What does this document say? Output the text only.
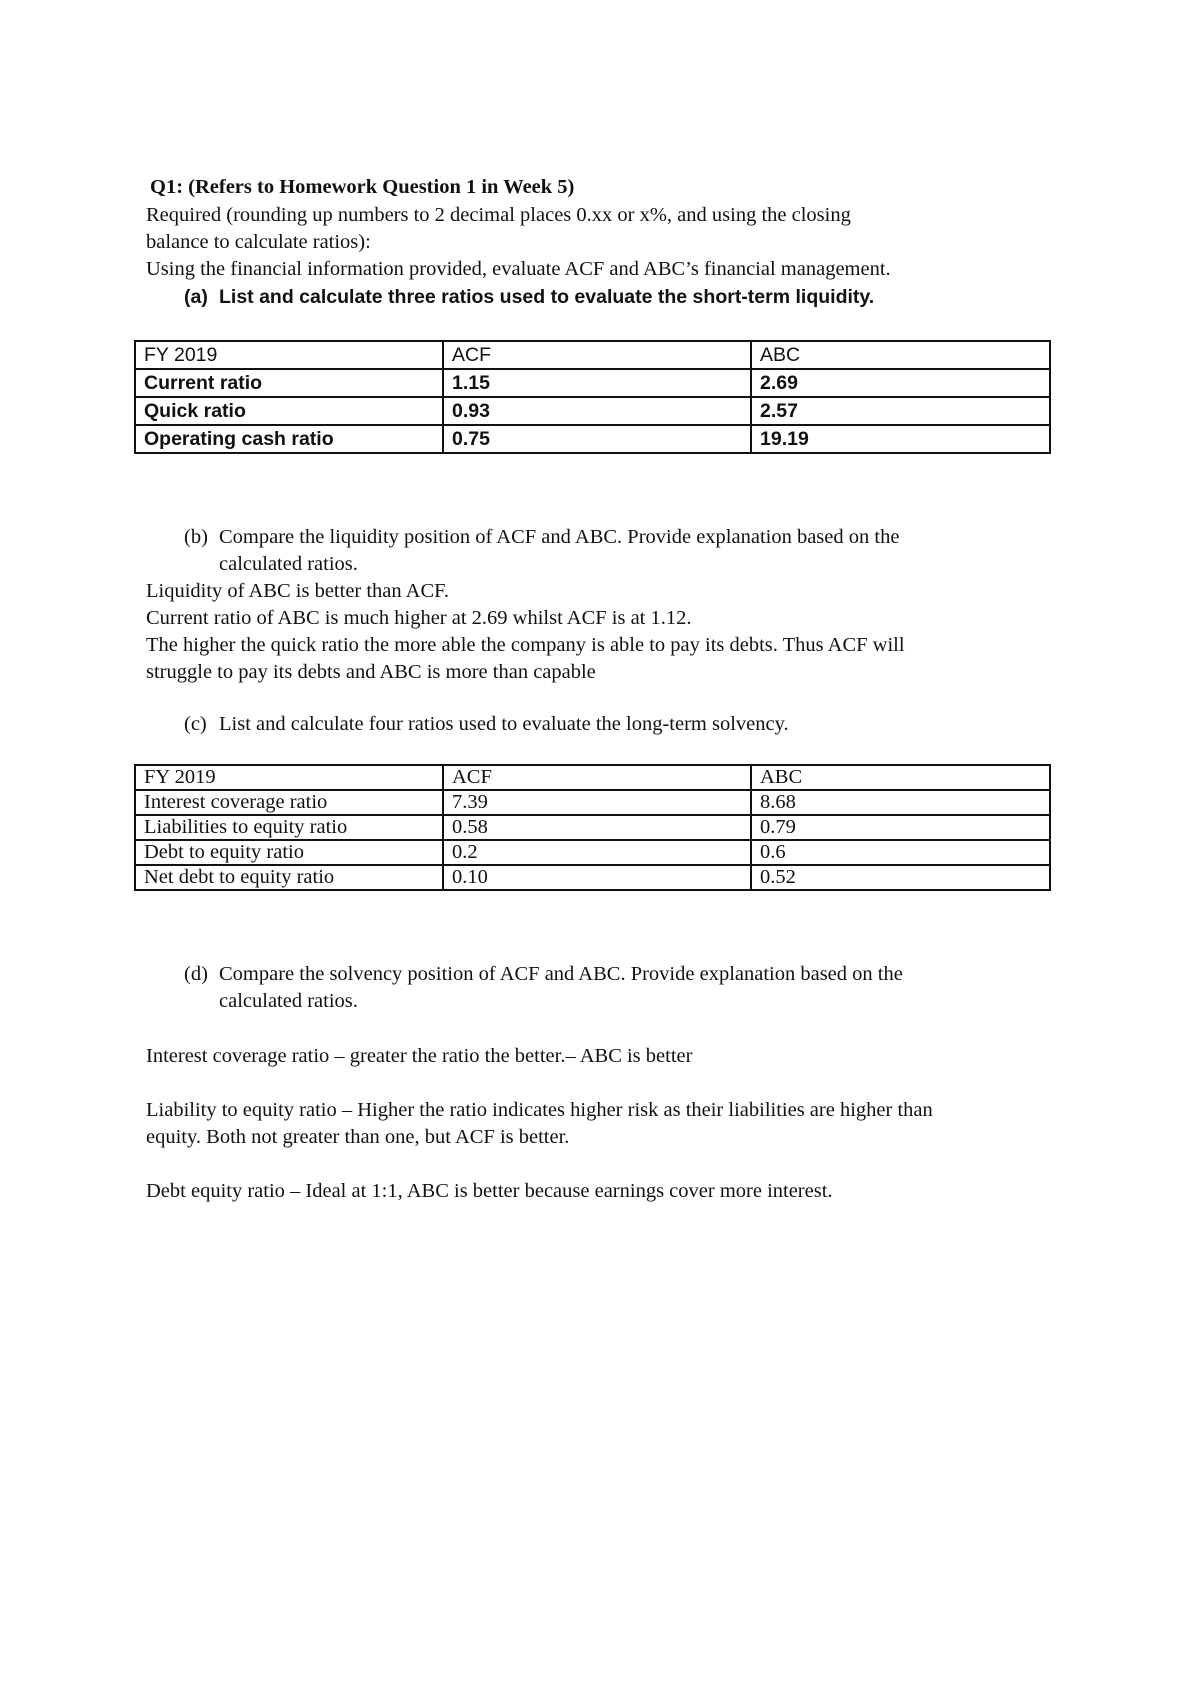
Q1: (Refers to Homework Question 1 in Week 5)
Required (rounding up numbers to 2 decimal places 0.xx or x%, and using the closing
balance to calculate ratios):
Using the financial information provided, evaluate ACF and ABC’s financial management.
(a) List and calculate three ratios used to evaluate the short-term liquidity.
FY 2019	ACF	ABC
Current ratio	1.15	2.69
Quick ratio	0.93	2.57
Operating cash ratio	0.75	19.19
(b) Compare the liquidity position of ACF and ABC. Provide explanation based on the
calculated ratios.
Liquidity of ABC is better than ACF.
Current ratio of ABC is much higher at 2.69 whilst ACF is at 1.12.
The higher the quick ratio the more able the company is able to pay its debts. Thus ACF will
struggle to pay its debts and ABC is more than capable
(c) List and calculate four ratios used to evaluate the long-term solvency.
FY 2019	ACF	ABC
Interest coverage ratio	7.39	8.68
Liabilities to equity ratio	0.58	0.79
Debt to equity ratio	0.2	0.6
Net debt to equity ratio	0.10	0.52
(d) Compare the solvency position of ACF and ABC. Provide explanation based on the
calculated ratios.
Interest coverage ratio – greater the ratio the better.– ABC is better
Liability to equity ratio – Higher the ratio indicates higher risk as their liabilities are higher than
equity. Both not greater than one, but ACF is better.
Debt equity ratio – Ideal at 1:1, ABC is better because earnings cover more interest.
